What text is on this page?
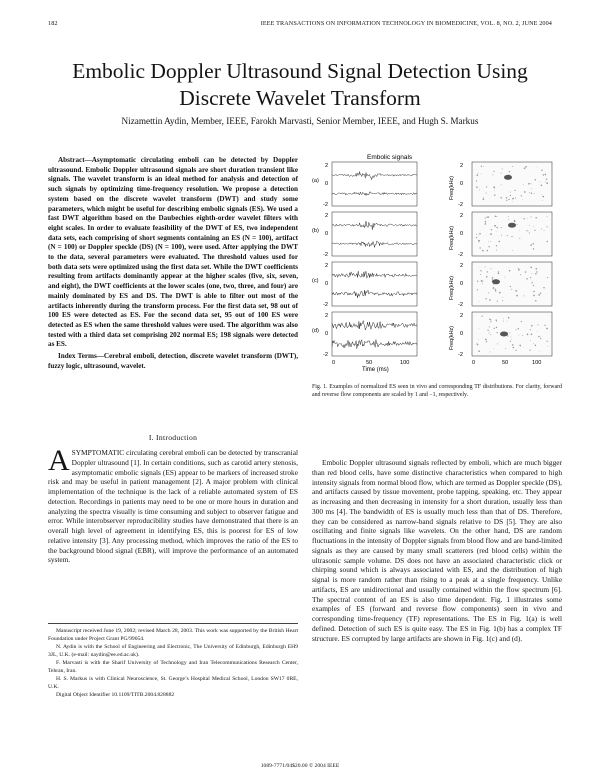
182	IEEE TRANSACTIONS ON INFORMATION TECHNOLOGY IN BIOMEDICINE, VOL. 8, NO. 2, JUNE 2004
Embolic Doppler Ultrasound Signal Detection Using
Discrete Wavelet Transform
Nizamettin Aydin, Member, IEEE, Farokh Marvasti, Senior Member, IEEE, and Hugh S. Markus

Abstract—Asymptomatic circulating emboli can be detected by Doppler ultrasound. Embolic Doppler ultrasound signals are short duration transient like signals. The wavelet transform is an ideal method for analysis and detection of such signals by optimizing time-frequency resolution. We propose a detection system based on the discrete wavelet transform (DWT) and study some parameters, which might be useful for describing embolic signals (ES). We used a fast DWT algorithm based on the Daubechies eighth-order wavelet filters with eight scales. In order to evaluate feasibility of the DWT of ES, two independent data sets, each comprising of short segments containing an ES (N = 100), artifact (N = 100) or Doppler speckle (DS) (N = 100), were used. After applying the DWT to the data, several parameters were evaluated. The threshold values used for both data sets were optimized using the first data set. While the DWT coefficients resulting from artifacts dominantly appear at the higher scales (five, six, seven, and eight), the DWT coefficients at the lower scales (one, two, three, and four) are mainly dominated by ES and DS. The DWT is able to filter out most of the artifacts inherently during the transform process. For the first data set, 98 out of 100 ES were detected as ES. For the second data set, 95 out of 100 ES were detected as ES when the same threshold values were used. The algorithm was also tested with a third data set comprising 202 normal ES; 198 signals were detected as ES.

Index Terms—Cerebral emboli, detection, discrete wavelet transform (DWT), fuzzy logic, ultrasound, wavelet.

I. Introduction
ASYMPTOMATIC circulating cerebral emboli can be detected by transcranial Doppler ultrasound [1]. In certain conditions, such as carotid artery stenosis, asymptomatic embolic signals (ES) appear to be markers of increased stroke risk and may be useful in patient management [2]. A major problem with clinical implementation of the technique is the lack of a reliable automated system of ES detection. Recordings in patients may need to be one or more hours in duration and analyzing the spectra visually is time consuming and subject to observer fatigue and error. While interobserver reproducibility studies have demonstrated that there is an overall high level of agreement in identifying ES, this is poorest for ES of low relative intensity [3]. Any processing method, which improves the ratio of the ES to the background blood signal (EBR), will improve the performance of an automated system.

Manuscript received June 19, 2002; revised March 28, 2003. This work was supported by the British Heart Foundation under Project Grant PG/99054.

N. Aydin is with the School of Engineering and Electronic, The University of Edinburgh, Edinburgh EH9 3JL, U.K. (e-mail: naydin@ee.ed.ac.uk).

F. Marvasti is with the Sharif University of Technology and Iran Telecommunications Research Center, Tehran, Iran.

H. S. Markus is with Clinical Neuroscience, St. George’s Hospital Medical School, London SW17 0RE, U.K.

Digital Object Identifier 10.1109/TITB.2004.828882

Embolic signals
(a)
2
0
-2
2
0
-2
Freq(kHz)
(b)
2
0
-2
2
0
-2
Freq(kHz)
(c)
2
0
-2
2
0
-2
Freq(kHz)
(d)
2
0
-2
2
0
-2
Freq(kHz)
0	0
50	50
100	100
Time (ms)
Fig. 1. Examples of normalized ES seen in vivo and corresponding TF distributions. For clarity, forward and reverse flow components are scaled by 1 and −1, respectively.

Embolic Doppler ultrasound signals reflected by emboli, which are much bigger than red blood cells, have some distinctive characteristics when compared to high intensity signals from normal blood flow, which are termed as Doppler speckle (DS), and artifacts caused by tissue movement, probe tapping, speaking, etc. They appear as increasing and then decreasing in intensity for a short duration, usually less than 300 ms [4]. The bandwidth of ES is usually much less than that of DS. Therefore, they can be considered as narrow-band signals relative to DS [5]. They are also oscillating and finite signals like wavelets. On the other hand, DS are random fluctuations in the intensity of Doppler signals from blood flow and are band-limited signals as they are caused by many small scatterers (red blood cells) within the ultrasonic sample volume. DS does not have an associated characteristic click or chirping sound which is always associated with ES, and the distribution of high signal is more random rather than rising to a peak at a single frequency. Unlike artifacts, ES are unidirectional and usually contained within the flow spectrum [6]. The spectral content of an ES is also time dependent. Fig. 1 illustrates some examples of ES (forward and reverse flow components) seen in vivo and corresponding time-frequency (TF) representations. The ES in Fig. 1(a) is well defined. Detection of such ES is quite easy. The ES in Fig. 1(b) has a complex TF structure. ES corrupted by large artifacts are shown in Fig. 1(c) and (d).

1089-7771/04$20.00 © 2004 IEEE
